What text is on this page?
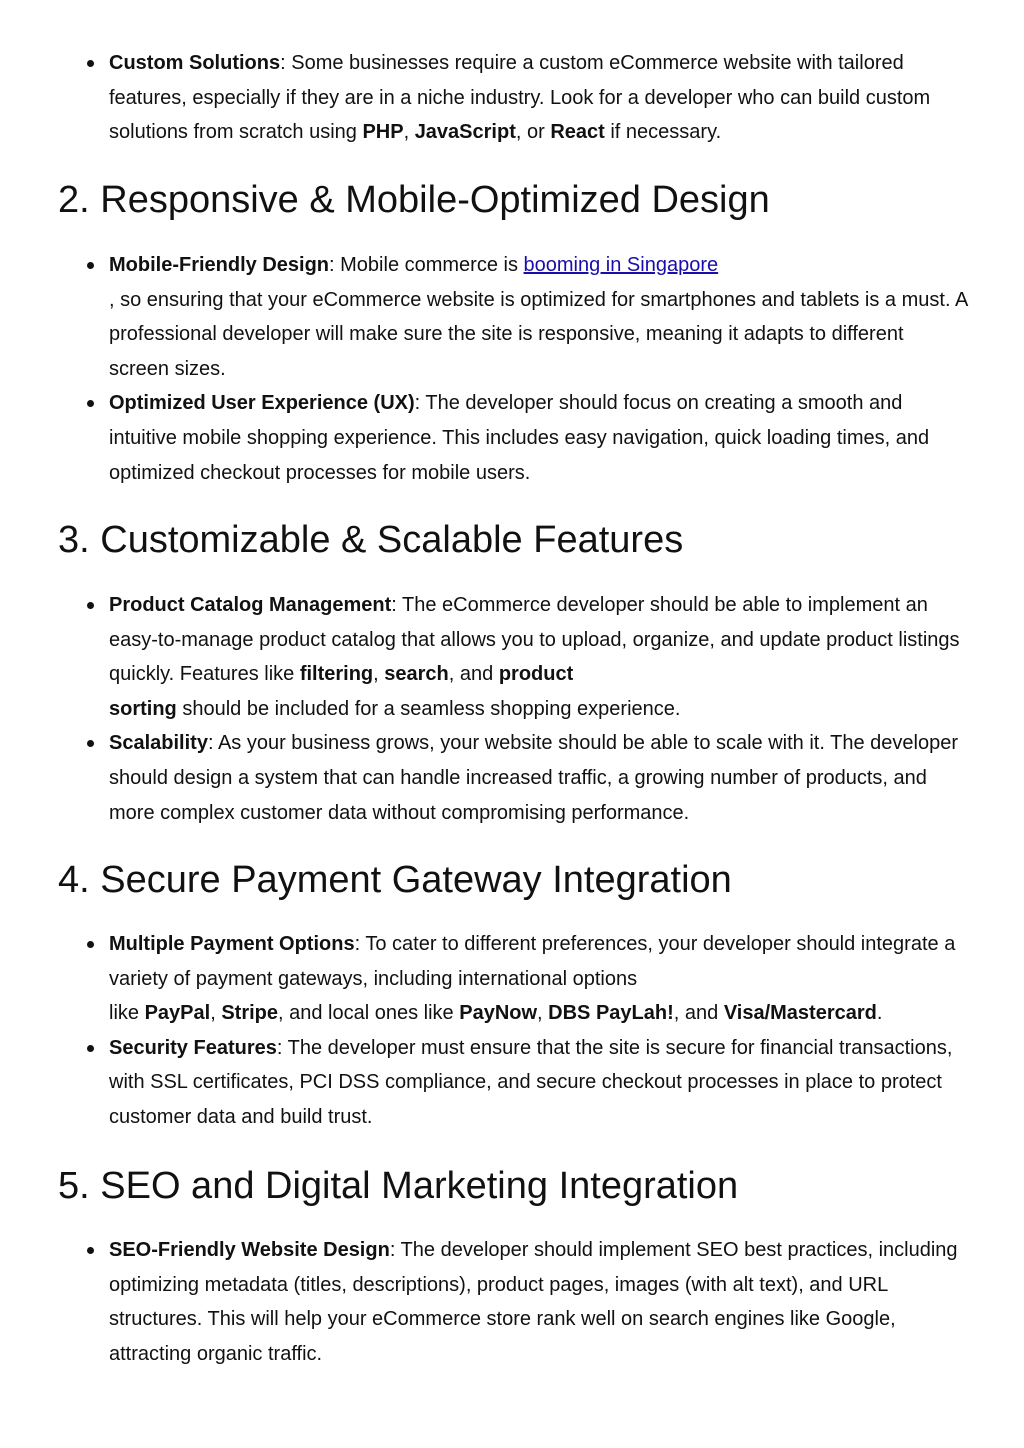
Custom Solutions: Some businesses require a custom eCommerce website with tailored features, especially if they are in a niche industry. Look for a developer who can build custom solutions from scratch using PHP, JavaScript, or React if necessary.
2. Responsive & Mobile-Optimized Design
Mobile-Friendly Design: Mobile commerce is booming in Singapore
, so ensuring that your eCommerce website is optimized for smartphones and tablets is a must. A professional developer will make sure the site is responsive, meaning it adapts to different screen sizes.
Optimized User Experience (UX): The developer should focus on creating a smooth and intuitive mobile shopping experience. This includes easy navigation, quick loading times, and optimized checkout processes for mobile users.
3. Customizable & Scalable Features
Product Catalog Management: The eCommerce developer should be able to implement an easy-to-manage product catalog that allows you to upload, organize, and update product listings quickly. Features like filtering, search, and product
sorting should be included for a seamless shopping experience.
Scalability: As your business grows, your website should be able to scale with it. The developer should design a system that can handle increased traffic, a growing number of products, and more complex customer data without compromising performance.
4. Secure Payment Gateway Integration
Multiple Payment Options: To cater to different preferences, your developer should integrate a variety of payment gateways, including international options
like PayPal, Stripe, and local ones like PayNow, DBS PayLah!, and Visa/Mastercard.
Security Features: The developer must ensure that the site is secure for financial transactions, with SSL certificates, PCI DSS compliance, and secure checkout processes in place to protect customer data and build trust.
5. SEO and Digital Marketing Integration
SEO-Friendly Website Design: The developer should implement SEO best practices, including optimizing metadata (titles, descriptions), product pages, images (with alt text), and URL structures. This will help your eCommerce store rank well on search engines like Google, attracting organic traffic.
